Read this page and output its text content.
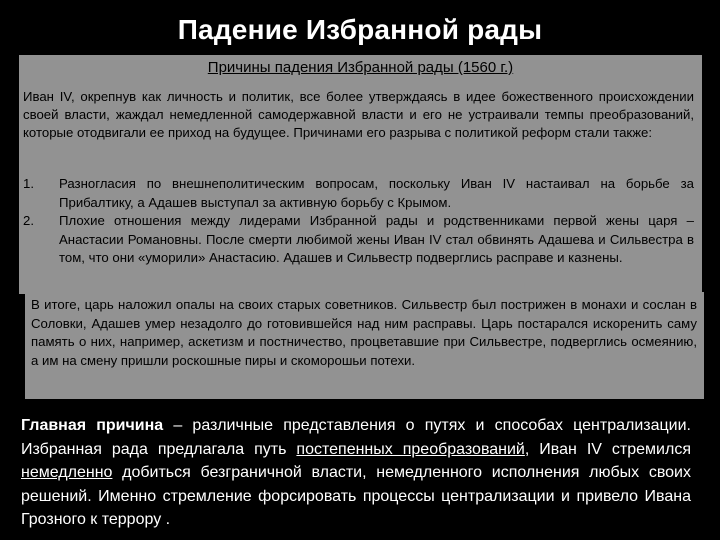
Падение Избранной рады
Причины падения Избранной рады (1560 г.)
Иван IV, окрепнув как личность и политик, все более утверждаясь в идее божественного происхождении своей власти, жаждал немедленной самодержавной власти и его не устраивали темпы преобразований, которые отодвигали ее приход на будущее. Причинами его разрыва с политикой реформ стали также:
1.	Разногласия по внешнеполитическим вопросам, поскольку Иван IV настаивал на борьбе за Прибалтику, а Адашев выступал за активную борьбу с Крымом.
2.	Плохие отношения между лидерами Избранной рады и родственниками первой жены царя – Анастасии Романовны. После смерти любимой жены Иван IV стал обвинять Адашева и Сильвестра в том, что они «уморили» Анастасию. Адашев и Сильвестр подверглись расправе и казнены.
В итоге, царь наложил опалы на своих старых советников. Сильвестр был пострижен в монахи и сослан в Соловки, Адашев умер незадолго до готовившейся над ним расправы. Царь постарался искоренить саму память о них, например, аскетизм и постничество, процветавшие при Сильвестре, подверглись осмеянию, а им на смену пришли роскошные пиры и скоморошьи потехи.
Главная причина – различные представления о путях и способах централизации. Избранная рада предлагала путь постепенных преобразований, Иван IV стремился немедленно добиться безграничной власти, немедленного исполнения любых своих решений. Именно стремление форсировать процессы централизации и привело Ивана Грозного к террору .
